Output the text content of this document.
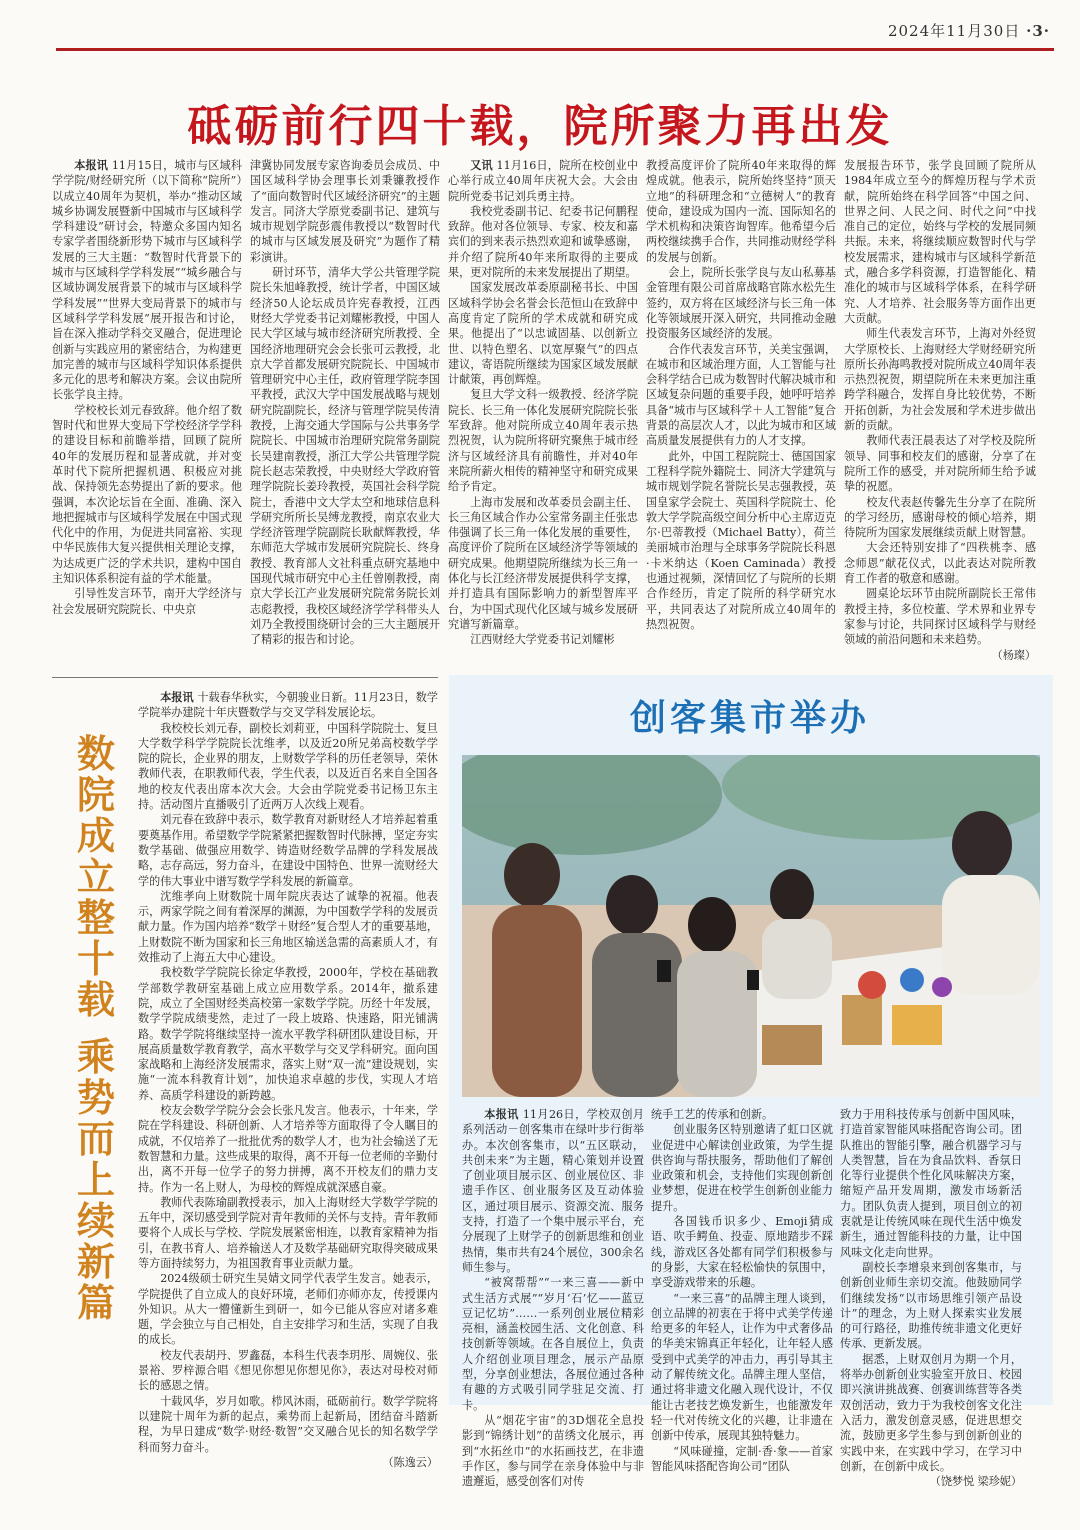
2024年11月30日 ·3·
砥砺前行四十载，院所聚力再出发

本报讯 11月15日，城市与区域科学学院/财经研究所（以下简称“院所”）以成立40周年为契机，举办“推动区域城乡协调发展暨新中国城市与区域科学学科建设”研讨会，特邀众多国内知名专家学者围绕新形势下城市与区域科学发展的三大主题：“数智时代背景下的城市与区域科学学科发展”“城乡融合与区域协调发展背景下的城市与区域科学学科发展”“世界大变局背景下的城市与区域科学学科发展”展开报告和讨论，旨在深入推动学科交叉融合，促进理论创新与实践应用的紧密结合，为构建更加完善的城市与区域科学知识体系提供多元化的思考和解决方案。会议由院所长张学良主持。

学校校长刘元春致辞。他介绍了数智时代和世界大变局下学校经济学学科的建设目标和前瞻举措，回顾了院所40年的发展历程和显著成就，并对变革时代下院所把握机遇、积极应对挑战、保持领先态势提出了新的要求。他强调，本次论坛旨在全面、准确、深入地把握城市与区域科学发展在中国式现代化中的作用，为促进共同富裕、实现中华民族伟大复兴提供相关理论支撑，为达成更广泛的学术共识，建构中国自主知识体系积淀有益的学术能量。

引导性发言环节，南开大学经济与社会发展研究院院长、中央京

津冀协同发展专家咨询委员会成员、中国区域科学协会理事长刘秉镰教授作了“面向数智时代区域经济研究”的主题发言。同济大学原党委副书记、建筑与城市规划学院彭震伟教授以“数智时代的城市与区域发展及研究”为题作了精彩演讲。

研讨环节，清华大学公共管理学院院长朱旭峰教授，统计学者，中国区域经济50人论坛成员许宪春教授，江西财经大学党委书记刘耀彬教授，中国人民大学区域与城市经济研究所教授、全国经济地理研究会会长张可云教授，北京大学首都发展研究院院长、中国城市管理研究中心主任，政府管理学院李国平教授，武汉大学中国发展战略与规划研究院副院长，经济与管理学院吴传清教授，上海交通大学国际与公共事务学院院长、中国城市治理研究院常务副院长吴建南教授，浙江大学公共管理学院院长赵志荣教授，中央财经大学政府管理学院院长姜玲教授，英国社会科学院院士，香港中文大学太空和地球信息科学研究所所长吴缚龙教授，南京农业大学经济管理学院副院长耿献辉教授，华东师范大学城市发展研究院院长、终身教授、教育部人文社科重点研究基地中国现代城市研究中心主任曾刚教授，南京大学长江产业发展研究院常务院长刘志彪教授，我校区域经济学学科带头人刘乃全教授围绕研讨会的三大主题展开了精彩的报告和讨论。

又讯 11月16日，院所在校创业中心举行成立40周年庆祝大会。大会由院所党委书记刘兵勇主持。

我校党委副书记、纪委书记何鹏程致辞。他对各位领导、专家、校友和嘉宾们的到来表示热烈欢迎和诚挚感谢，并介绍了院所40年来所取得的主要成果，更对院所的未来发展提出了期望。

国家发展改革委原副秘书长、中国区域科学协会名誉会长范恒山在致辞中高度肯定了院所的学术成就和研究成果。他提出了“以忠诚固基、以创新立世、以特色塑名、以宽厚聚气”的四点建议，寄语院所继续为国家区域发展献计献策，再创辉煌。

复旦大学文科一级教授、经济学院院长、长三角一体化发展研究院院长张军致辞。他对院所成立40周年表示热烈祝贺，认为院所将研究聚焦于城市经济与区域经济具有前瞻性，并对40年来院所薪火相传的精神坚守和研究成果给予肯定。

上海市发展和改革委员会副主任、长三角区域合作办公室常务副主任张忠伟强调了长三角一体化发展的重要性，高度评价了院所在区域经济学等领域的研究成果。他期望院所继续为长三角一体化与长江经济带发展提供科学支撑，并打造具有国际影响力的新型智库平台，为中国式现代化区域与城乡发展研究谱写新篇章。

江西财经大学党委书记刘耀彬

教授高度评价了院所40年来取得的辉煌成就。他表示，院所始终坚持“顶天立地”的科研理念和“立德树人”的教育使命，建设成为国内一流、国际知名的学术机构和决策咨询智库。他希望今后两校继续携手合作，共同推动财经学科的发展与创新。

会上，院所长张学良与友山私募基金管理有限公司首席战略官陈水松先生签约，双方将在区域经济与长三角一体化等领域展开深入研究，共同推动金融投资服务区域经济的发展。

合作代表发言环节，关美宝强调，在城市和区域治理方面，人工智能与社会科学结合已成为数智时代解决城市和区域复杂问题的重要手段，她呼吁培养具备“城市与区域科学＋人工智能”复合背景的高层次人才，以此为城市和区域高质量发展提供有力的人才支撑。

此外，中国工程院院士、德国国家工程科学院外籍院士、同济大学建筑与城市规划学院名誉院长吴志强教授，英国皇家学会院士、英国科学院院士、伦敦大学学院高级空间分析中心主席迈克尔·巴蒂教授（Michael Batty），荷兰美丽城市治理与全球事务学院院长科恩·卡米纳达（Koen Caminada）教授也通过视频，深情回忆了与院所的长期合作经历，肯定了院所的科学研究水平，共同表达了对院所成立40周年的热烈祝贺。

发展报告环节，张学良回顾了院所从1984年成立至今的辉煌历程与学术贡献，院所始终在科学回答“中国之问、世界之问、人民之问、时代之问”中找准自己的定位，始终与学校的发展同频共振。未来，将继续顺应数智时代与学校发展需求，建构城市与区域科学新范式，融合多学科资源，打造智能化、精准化的城市与区域科学体系，在科学研究、人才培养、社会服务等方面作出更大贡献。

师生代表发言环节，上海对外经贸大学原校长、上海财经大学财经研究所原所长孙海鸣教授对院所成立40周年表示热烈祝贺，期望院所在未来更加注重跨学科融合，发挥自身比较优势，不断开拓创新，为社会发展和学术进步做出新的贡献。

教师代表汪晨表达了对学校及院所领导、同事和校友们的感谢，分享了在院所工作的感受，并对院所师生给予诚挚的祝愿。

校友代表赵传馨先生分享了在院所的学习经历，感谢母校的倾心培养，期待院所为国家发展继续贡献上财智慧。

大会还特别安排了“四秩桃李、感念师恩”献花仪式，以此表达对院所教育工作者的敬意和感谢。

圆桌论坛环节由院所副院长王常伟教授主持，多位校董、学术界和业界专家参与讨论，共同探讨区域科学与财经领域的前沿问题和未来趋势。

（杨璨）

数院成立整十载
乘势而上续新篇

本报讯 十载春华秋实，今朝骏业日新。11月23日，数学学院举办建院十年庆暨数学与交叉学科发展论坛。

我校校长刘元春，副校长刘莉亚，中国科学院院士、复旦大学数学科学学院院长沈维孝，以及近20所兄弟高校数学学院的院长，企业界的朋友，上财数学学科的历任老领导，荣休教师代表，在职教师代表，学生代表，以及近百名来自全国各地的校友代表出席本次大会。大会由学院党委书记杨卫东主持。活动图片直播吸引了近两万人次线上观看。

刘元春在致辞中表示，数学教育对新财经人才培养起着重要奠基作用。希望数学学院紧紧把握数智时代脉搏，坚定夯实数学基础、做强应用数学、铸造财经数学品牌的学科发展战略，志存高远，努力奋斗，在建设中国特色、世界一流财经大学的伟大事业中谱写数学学科发展的新篇章。

沈维孝向上财数院十周年院庆表达了诚挚的祝福。他表示，两家学院之间有着深厚的渊源，为中国数学学科的发展贡献力量。作为国内培养“数学＋财经”复合型人才的重要基地，上财数院不断为国家和长三角地区输送急需的高素质人才，有效推动了上海五大中心建设。

我校数学学院院长徐定华教授，2000年，学校在基础教学部数学教研室基础上成立应用数学系。2014年，撤系建院，成立了全国财经类高校第一家数学学院。历经十年发展，数学学院成绩斐然，走过了一段上坡路、快速路，阳光铺满路。数学学院将继续坚持一流水平教学科研团队建设目标，开展高质量数学教育教学，高水平数学与交叉学科研究。面向国家战略和上海经济发展需求，落实上财“双一流”建设规划，实施“一流本科教育计划”，加快追求卓越的步伐，实现人才培养、高质学科建设的新跨越。

校友会数学学院分会会长张凡发言。他表示，十年来，学院在学科建设、科研创新、人才培养等方面取得了令人瞩目的成就，不仅培养了一批批优秀的数学人才，也为社会输送了无数智慧和力量。这些成果的取得，离不开每一位老师的辛勤付出，离不开每一位学子的努力拼搏，离不开校友们的鼎力支持。作为一名上财人，为母校的辉煌成就深感自豪。

教师代表陈瑜副教授表示，加入上海财经大学数学学院的五年中，深切感受到学院对青年教师的关怀与支持。青年教师要将个人成长与学校、学院发展紧密相连，以教育家精神为指引，在教书育人、培养输送人才及数学基础研究取得突破成果等方面持续努力，为祖国教育事业贡献力量。

2024级硕士研究生吴婧文同学代表学生发言。她表示，学院提供了自立成人的良好环境，老师们亦师亦友，传授课内外知识。从大一懵懂新生到研一，如今已能从容应对诸多难题，学会独立与自己相处，自主安排学习和生活，实现了自我的成长。

校友代表胡丹、罗鑫磊，本科生代表李玥彤、周婉仪、张景裕、罗梓源合唱《想见你想见你想见你》，表达对母校对师长的感恩之情。

十载风华，岁月如歌。栉风沐雨，砥砺前行。数学学院将以建院十周年为新的起点，乘势而上起新局，团结奋斗踏新程，为早日建成“数学·财经·数智”交叉融合见长的知名数学学科而努力奋斗。

（陈逸云）

创客集市举办

本报讯 11月26日，学校双创月系列活动－创客集市在绿叶步行街举办。本次创客集市，以“五区联动，共创未来”为主题，精心策划并设置了创业项目展示区、创业展位区、非遗手作区、创业服务区及互动体验区，通过项目展示、资源交流、服务支持，打造了一个集中展示平台，充分展现了上财学子的创新思维和创业热情，集市共有24个展位，300余名师生参与。

“被窝帮帮”“一来三喜——新中式生活方式展”“岁月‘石’忆——蓝豆豆记忆坊”……一系列创业展位精彩亮相，涵盖校园生活、文化创意、科技创新等领域。在各自展位上，负责人介绍创业项目理念，展示产品原型，分享创业想法，各展位通过各种有趣的方式吸引同学驻足交流、打卡。

从“烟花宇宙”的3D烟花全息投影到“锦绣计划”的苗绣文化展示，再到“水拓丝巾”的水拓画技艺，在非遗手作区，参与同学在亲身体验中与非遗邂逅，感受创客们对传

统手工艺的传承和创新。

创业服务区特别邀请了虹口区就业促进中心解读创业政策，为学生提供咨询与帮扶服务，帮助他们了解创业政策和机会，支持他们实现创新创业梦想，促进在校学生创新创业能力提升。

各国钱币识多少、Emoji猜成语、吹手鳄鱼、投壶、原地踏步不踩线，游戏区各处都有同学们积极参与的身影，大家在轻松愉快的氛围中，享受游戏带来的乐趣。

“一来三喜”的品牌主理人谈到，创立品牌的初衷在于将中式美学传递给更多的年轻人，让作为中式奢侈品的华美宋锦真正年轻化，让年轻人感受到中式美学的冲击力，再引导其主动了解传统文化。品牌主理人坚信，通过将非遗文化融入现代设计，不仅能让古老技艺焕发新生，也能激发年轻一代对传统文化的兴趣，让非遗在创新中传承，展现其独特魅力。

“风味碰撞，定制·香·象——首家智能风味搭配咨询公司”团队

致力于用科技传承与创新中国风味，打造首家智能风味搭配咨询公司。团队推出的智能引擎，融合机器学习与人类智慧，旨在为食品饮料、香氛日化等行业提供个性化风味解决方案，缩短产品开发周期，激发市场新活力。团队负责人提到，项目创立的初衷就是让传统风味在现代生活中焕发新生，通过智能科技的力量，让中国风味文化走向世界。

副校长李增泉来到创客集市，与创新创业师生亲切交流。他鼓励同学们继续发扬“以市场思维引领产品设计”的理念，为上财人探索实业发展的可行路径，助推传统非遗文化更好传承、更新发展。

据悉，上财双创月为期一个月，将举办创新创业实验室开放日、校园即兴演讲挑战赛、创赛训练营等各类双创活动，致力于为我校创客文化注入活力，激发创意灵感，促进思想交流，鼓励更多学生参与到创新创业的实践中来，在实践中学习，在学习中创新，在创新中成长。

（饶梦悦 梁珍妮）
